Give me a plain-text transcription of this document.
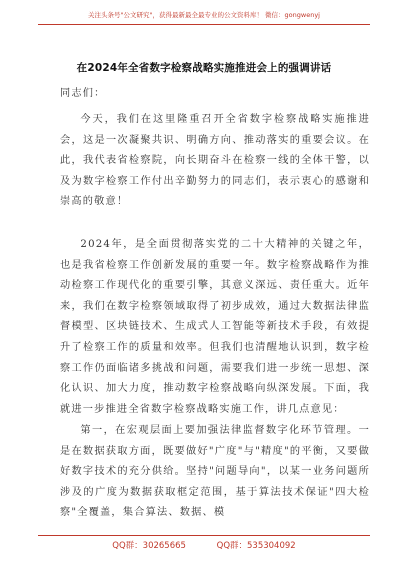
关注头条号"公文研究"，获得最新最全最专业的公文资料库！ 微信：gongwenyj
在2024年全省数字检察战略实施推进会上的强调讲话
同志们：
今天，我们在这里隆重召开全省数字检察战略实施推进会，这是一次凝聚共识、明确方向、推动落实的重要会议。在此，我代表省检察院，向长期奋斗在检察一线的全体干警，以及为数字检察工作付出辛勤努力的同志们，表示衷心的感谢和崇高的敬意！
2024年，是全面贯彻落实党的二十大精神的关键之年，也是我省检察工作创新发展的重要一年。数字检察战略作为推动检察工作现代化的重要引擎，其意义深远、责任重大。近年来，我们在数字检察领域取得了初步成效，通过大数据法律监督模型、区块链技术、生成式人工智能等新技术手段，有效提升了检察工作的质量和效率。但我们也清醒地认识到，数字检察工作仍面临诸多挑战和问题，需要我们进一步统一思想、深化认识、加大力度，推动数字检察战略向纵深发展。下面，我就进一步推进全省数字检察战略实施工作，讲几点意见：
第一，在宏观层面上要加强法律监督数字化环节管理。一是在数据获取方面，既要做好"广度"与"精度"的平衡，又要做好数字技术的充分供给。坚持"问题导向"，以某一业务问题所涉及的广度为数据获取框定范围，基于算法技术保证"四大检察"全覆盖，集合算法、数据、模
QQ群：30265665	QQ群：535304092
